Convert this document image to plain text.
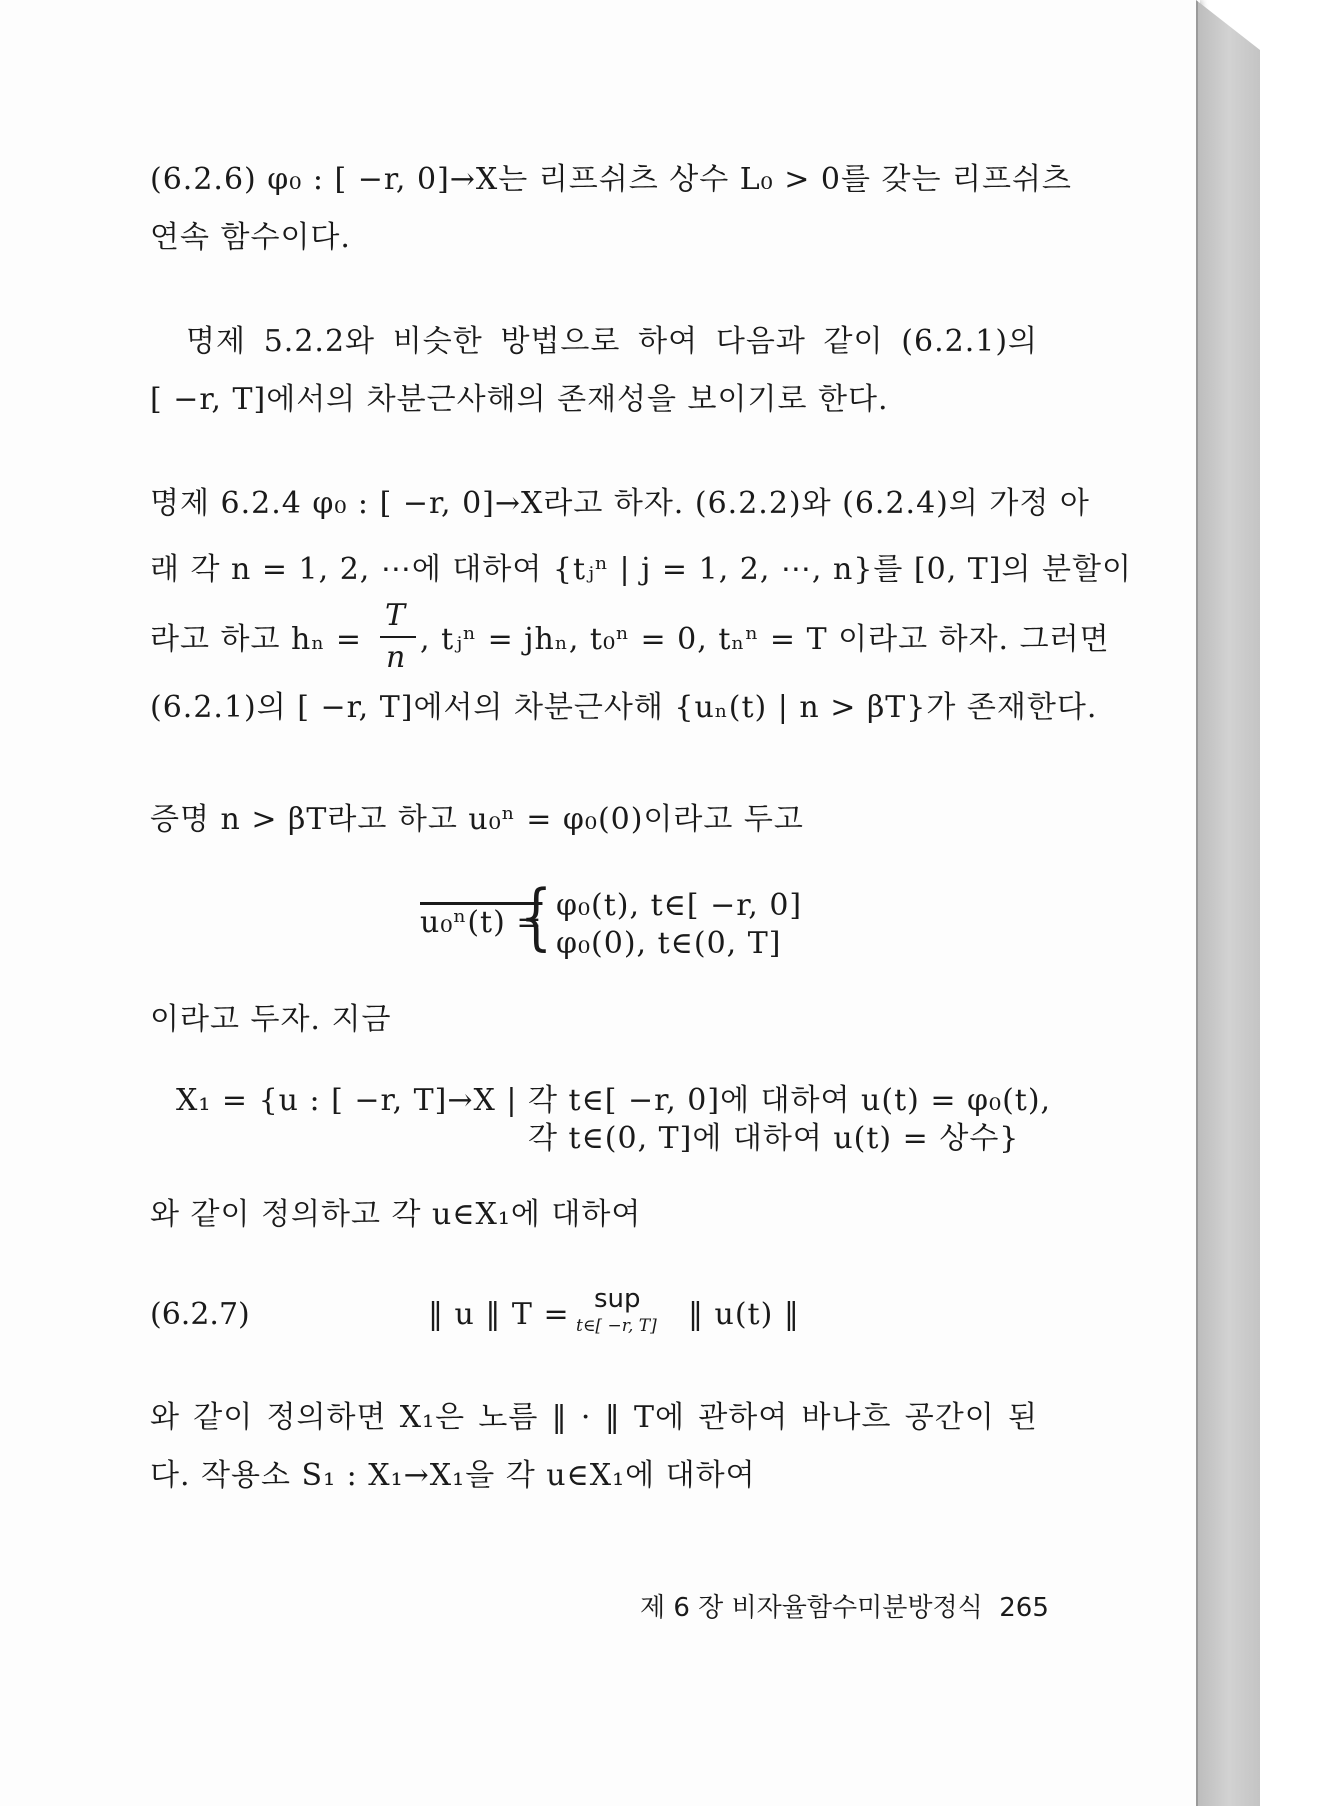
(6.2.6) φ₀ : [ −r, 0]→X는 리프쉬츠 상수 L₀ > 0를 갖는 리프쉬츠
연속 함수이다.
명제 5.2.2와 비슷한 방법으로 하여 다음과 같이 (6.2.1)의
[ −r, T]에서의 차분근사해의 존재성을 보이기로 한다.
명제 6.2.4 φ₀ : [ −r, 0]→X라고 하자. (6.2.2)와 (6.2.4)의 가정 아
래 각 n = 1, 2, ⋯에 대하여 {tⱼⁿ | j = 1, 2, ⋯, n}를 [0, T]의 분할이
라고 하고 hₙ =
T
n
, tⱼⁿ = jhₙ, t₀ⁿ = 0, tₙⁿ = T 이라고 하자. 그러면
(6.2.1)의 [ −r, T]에서의 차분근사해 {uₙ(t) | n > βT}가 존재한다.
증명 n > βT라고 하고 u₀ⁿ = φ₀(0)이라고 두고
u₀ⁿ(t) =
{ φ₀(t), t∈[ −r, 0]
φ₀(0), t∈(0, T]
이라고 두자. 지금
X₁ = {u : [ −r, T]→X | 각 t∈[ −r, 0]에 대하여 u(t) = φ₀(t),
각 t∈(0, T]에 대하여 u(t) = 상수}
와 같이 정의하고 각 u∈X₁에 대하여
(6.2.7)	‖ u ‖ T = sup
t∈[ −r, T] ‖ u(t) ‖
와 같이 정의하면 X₁은 노름 ‖ · ‖ T에 관하여 바나흐 공간이 된
다. 작용소 S₁ : X₁→X₁을 각 u∈X₁에 대하여
제 6 장 비자율함수미분방정식 265
